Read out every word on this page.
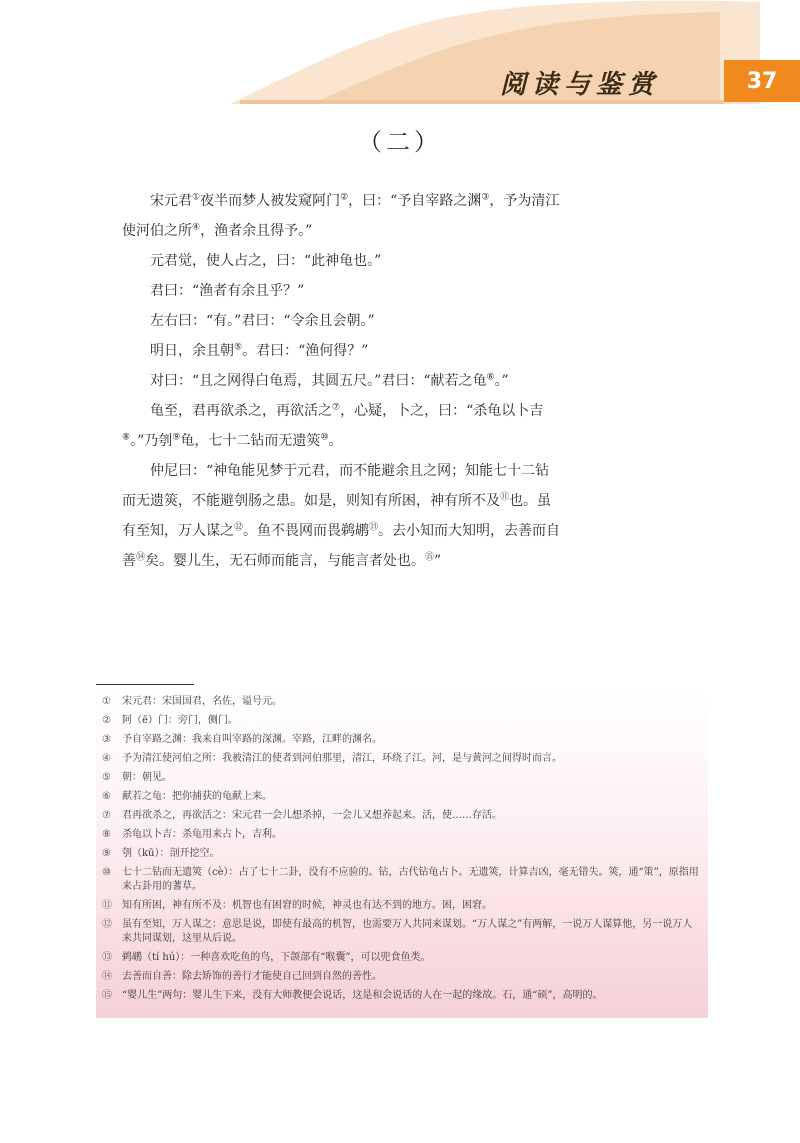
阅读与鉴赏	37
（二）

宋元君①夜半而梦人被发窥阿门②，曰：“予自宰路之渊③，予为清江使河伯之所④，渔者余且得予。”

元君觉，使人占之，曰：“此神龟也。”

君曰：“渔者有余且乎？”

左右曰：“有。”君曰：“令余且会朝。”

明日，余且朝⑤。君曰：“渔何得？”

对曰：“且之网得白龟焉，其圆五尺。”君曰：“献若之龟⑥。”

龟至，君再欲杀之，再欲活之⑦，心疑，卜之，曰：“杀龟以卜吉⑧。”乃刳⑨龟，七十二钻而无遗筴⑩。

仲尼曰：“神龟能见梦于元君，而不能避余且之网；知能七十二钻而无遗筴，不能避刳肠之患。如是，则知有所困，神有所不及⑪也。虽有至知，万人谋之⑫。鱼不畏网而畏鹈鹕⑬。去小知而大知明，去善而自善⑭矣。婴儿生，无石师而能言，与能言者处也。⑮”

①	宋元君：宋国国君，名佐，谥号元。
②	阿（ē）门：旁门，侧门。
③	予自宰路之渊：我来自叫宰路的深渊。宰路，江畔的渊名。
④	予为清江使河伯之所：我被清江的使者到河伯那里，清江，环绕了江。河，是与黄河之间得时而言。
⑤	朝：朝见。
⑥	献若之龟：把你捕获的龟献上来。
⑦	君再欲杀之，再欲活之：宋元君一会儿想杀掉，一会儿又想养起来。活，使……存活。
⑧	杀龟以卜吉：杀龟用来占卜，吉利。
⑨	刳（kū）：剖开挖空。
⑩	七十二钻而无遗筴（cè）：占了七十二卦，没有不应验的。钻，古代钻龟占卜。无遗筴，计算吉凶，毫无错失。筴，通“策”，原指用来占卦用的蓍草。
⑪	知有所困，神有所不及：机智也有困窘的时候，神灵也有达不到的地方。困，困窘。
⑫	虽有至知，万人谋之：意思是说，即使有最高的机智，也需要万人共同来谋划。“万人谋之”有两解，一说万人谋算他，另一说万人来共同谋划，这里从后说。
⑬	鹈鹕（tí hú）：一种喜欢吃鱼的鸟，下颌部有“喉囊”，可以兜食鱼类。
⑭	去善而自善：除去矫饰的善行才能使自己回到自然的善性。
⑮	“婴儿生”两句：婴儿生下来，没有大师教便会说话，这是和会说话的人在一起的缘故。石，通“硕”，高明的。
